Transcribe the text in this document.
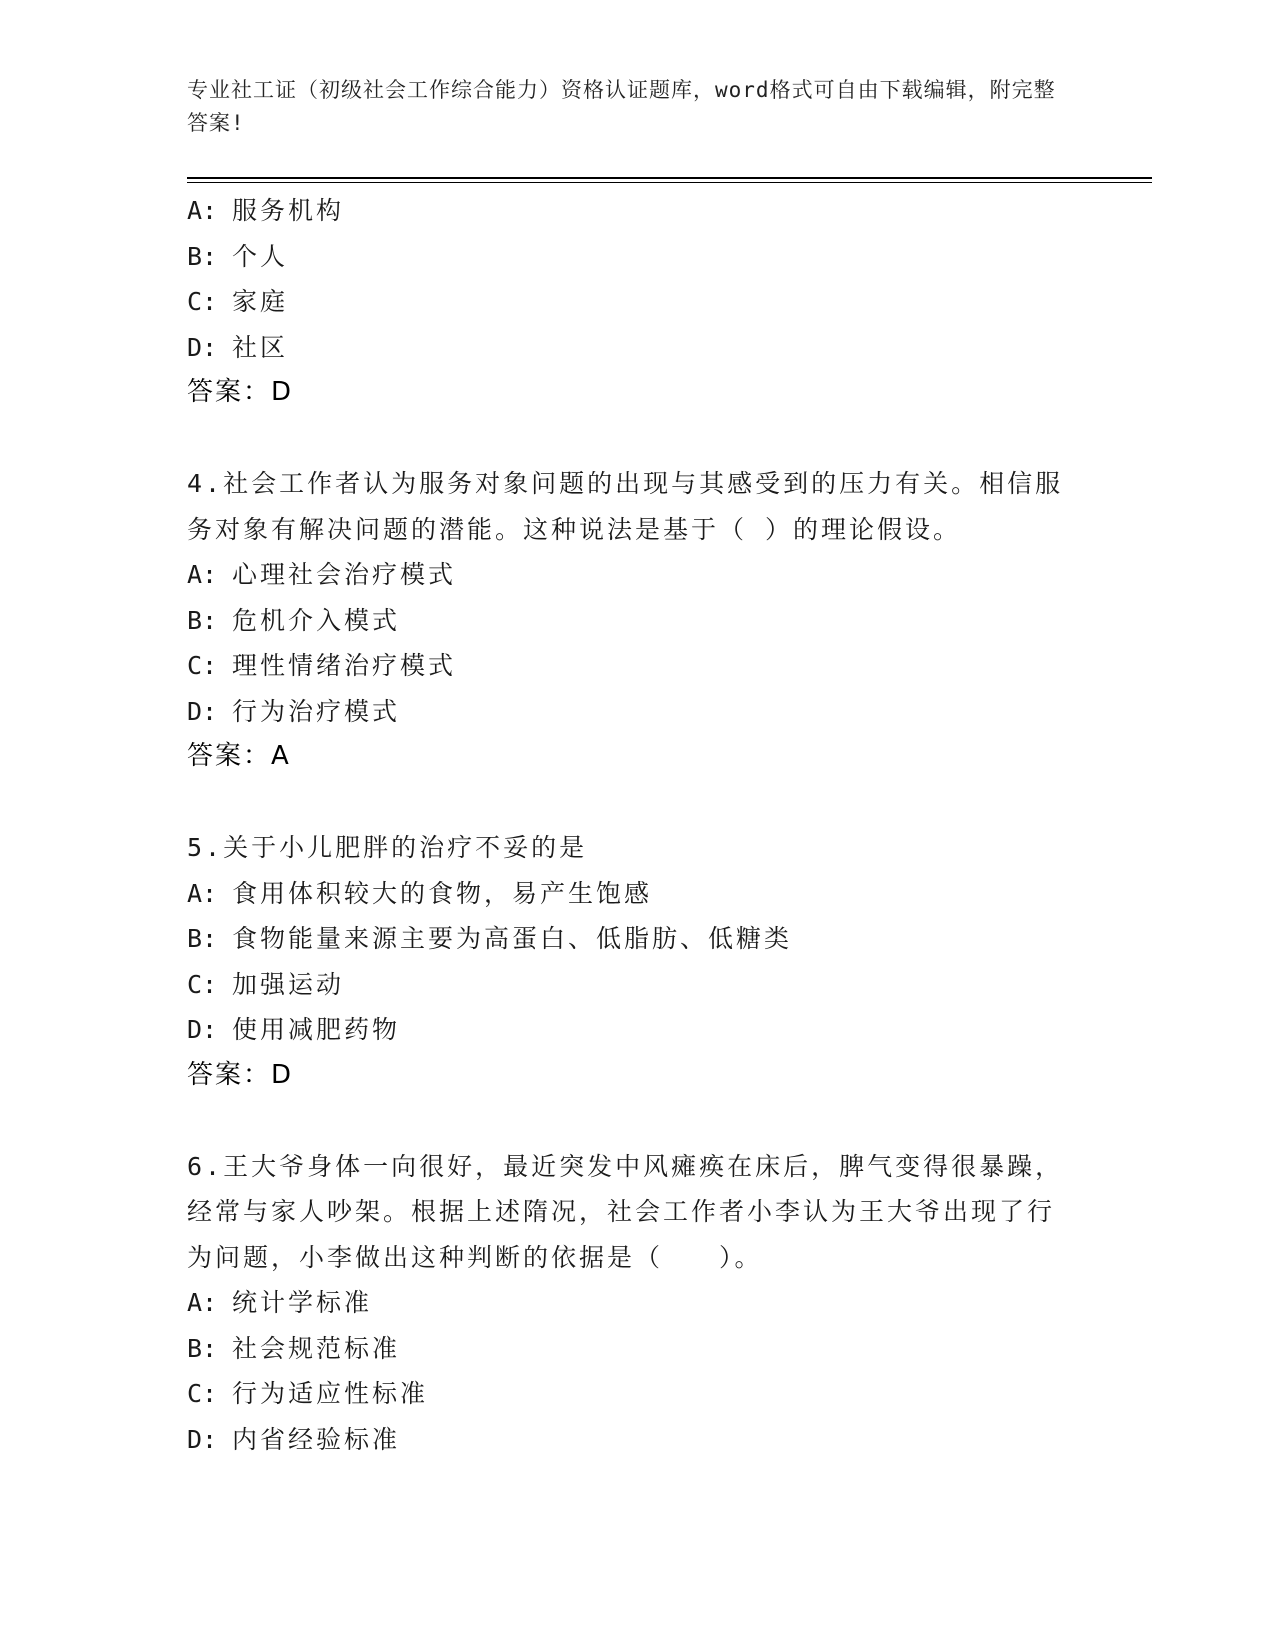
专业社工证（初级社会工作综合能力）资格认证题库，word格式可自由下载编辑，附完整答案!
A: 服务机构
B: 个人
C: 家庭
D: 社区
答案：D
4.社会工作者认为服务对象问题的出现与其感受到的压力有关。相信服务对象有解决问题的潜能。这种说法是基于（ ）的理论假设。
A: 心理社会治疗模式
B: 危机介入模式
C: 理性情绪治疗模式
D: 行为治疗模式
答案：A
5.关于小儿肥胖的治疗不妥的是
A: 食用体积较大的食物，易产生饱感
B: 食物能量来源主要为高蛋白、低脂肪、低糖类
C: 加强运动
D: 使用减肥药物
答案：D
6.王大爷身体一向很好，最近突发中风瘫痪在床后，脾气变得很暴躁，经常与家人吵架。根据上述隋况，社会工作者小李认为王大爷出现了行为问题，小李做出这种判断的依据是（　　）。
A: 统计学标准
B: 社会规范标准
C: 行为适应性标准
D: 内省经验标准
